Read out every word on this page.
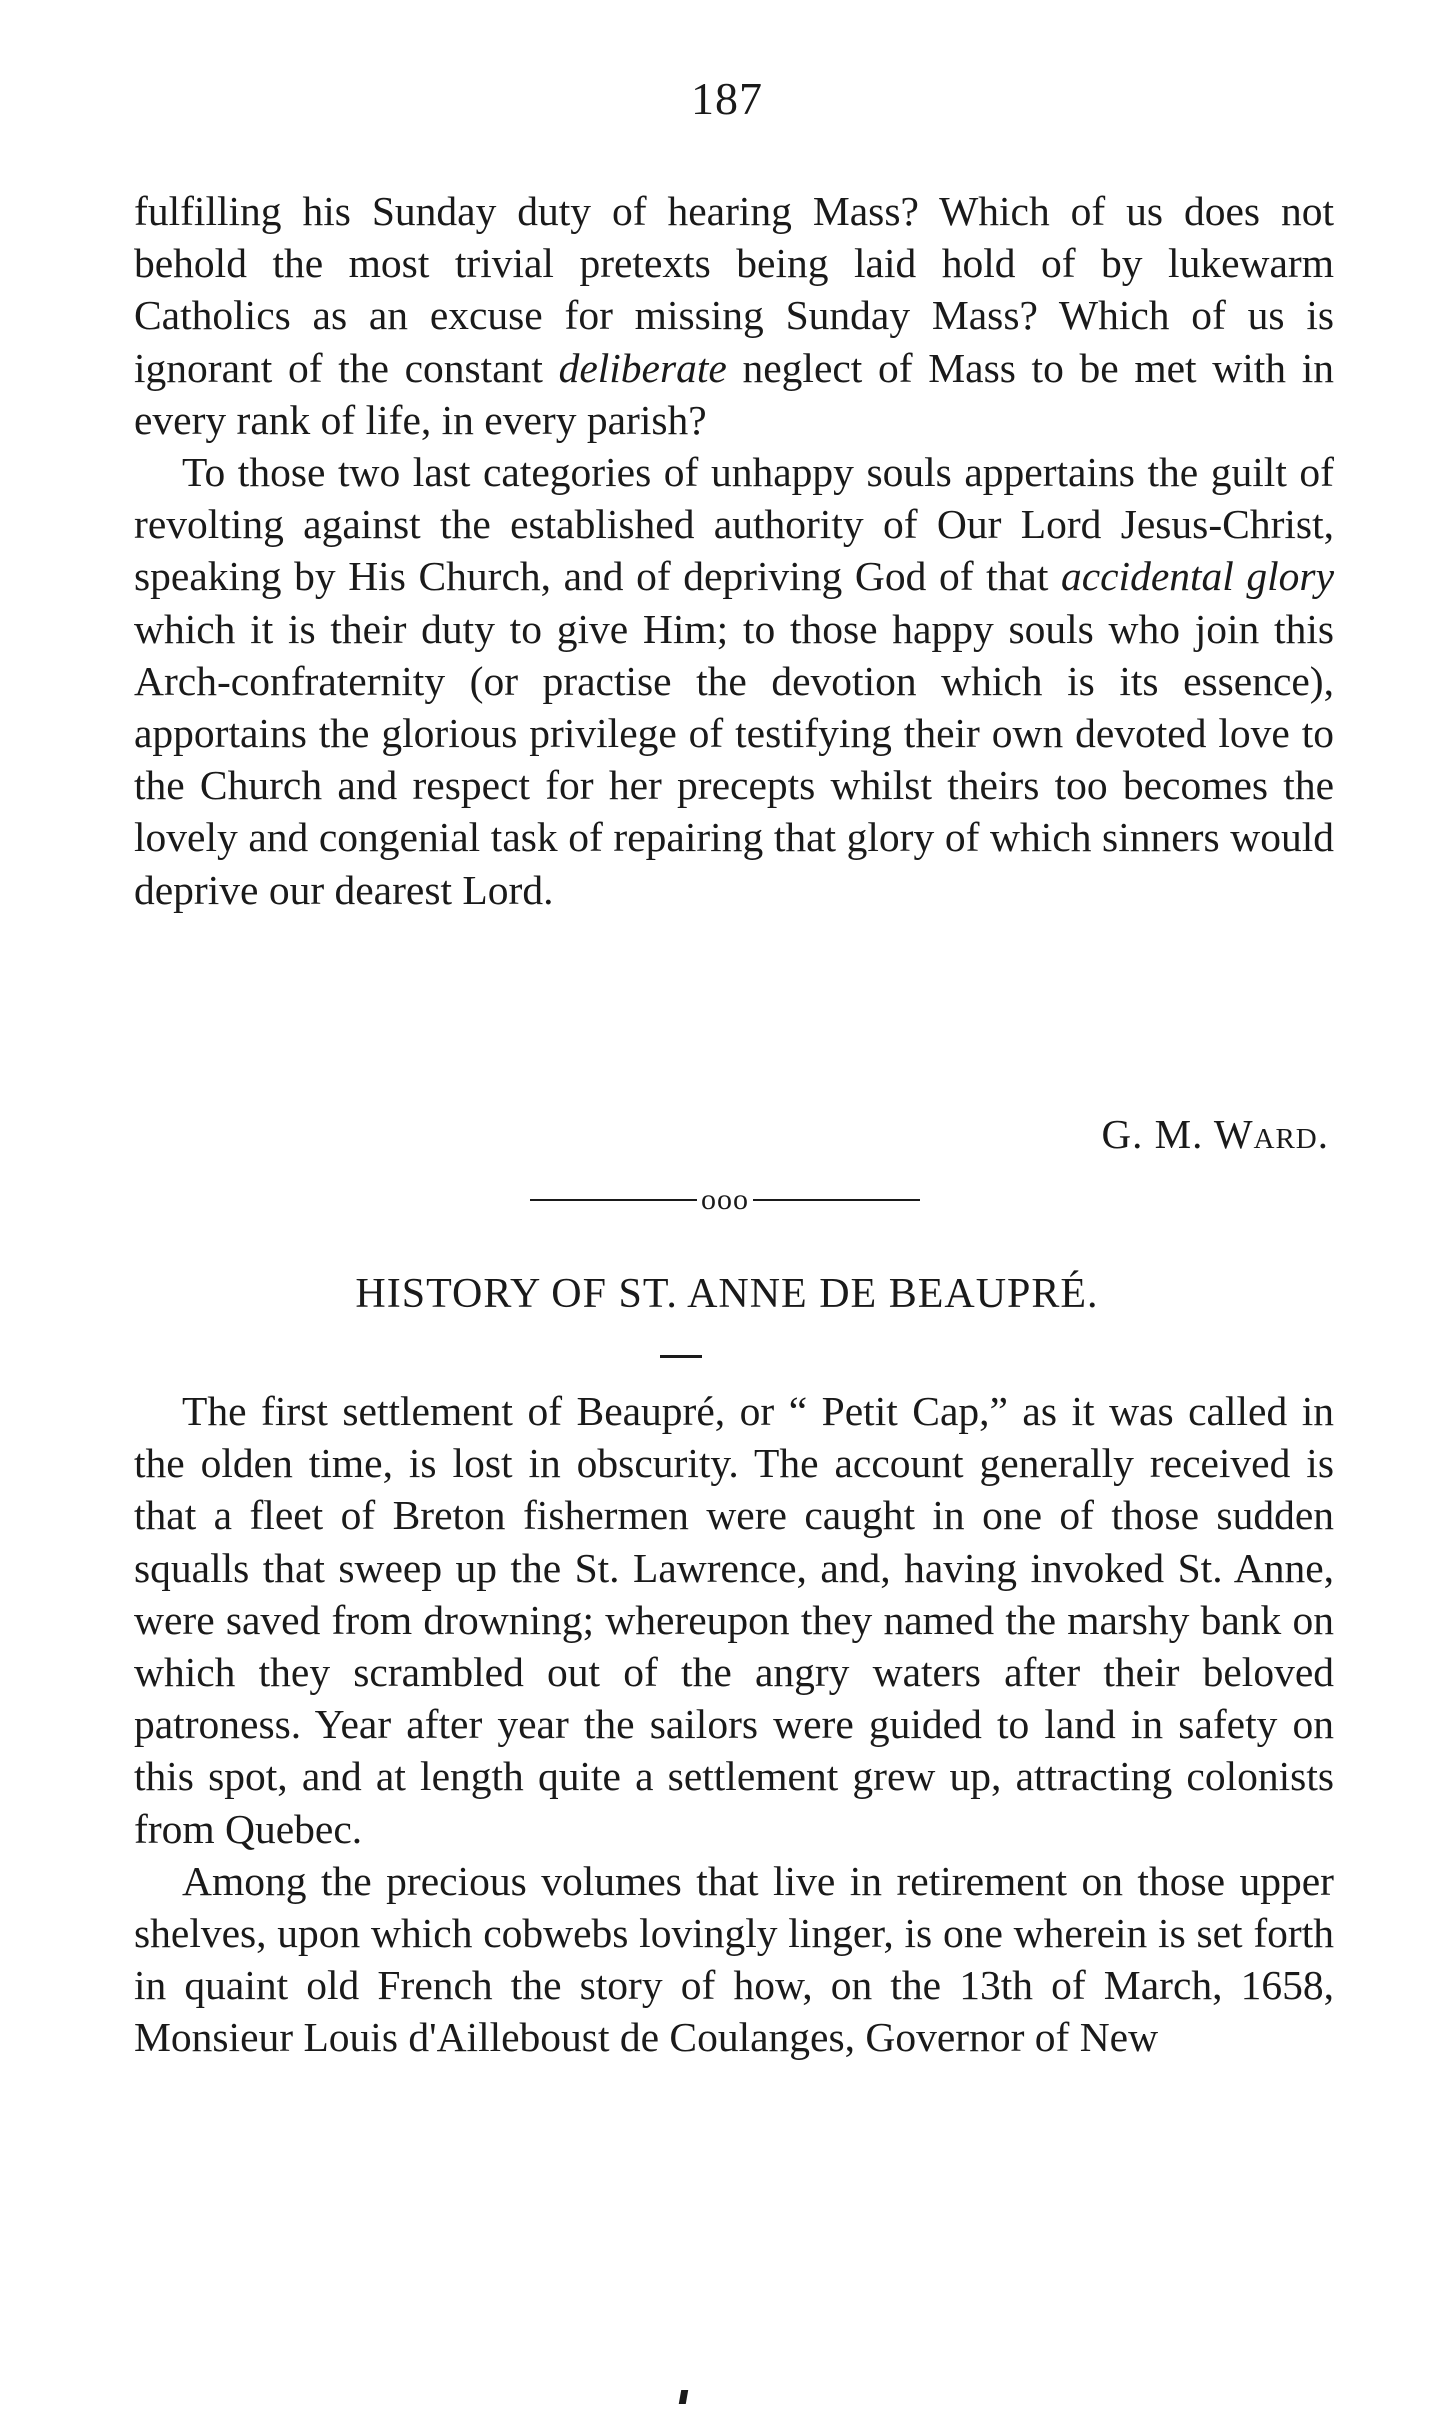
187

fulfilling his Sunday duty of hearing Mass? Which of us does not behold the most trivial pretexts being laid hold of by lukewarm Catholics as an excuse for missing Sunday Mass? Which of us is ignorant of the constant deliberate neglect of Mass to be met with in every rank of life, in every parish?

To those two last categories of unhappy souls appertains the guilt of revolting against the established authority of Our Lord Jesus-Christ, speaking by His Church, and of depriving God of that accidental glory which it is their duty to give Him; to those happy souls who join this Arch-confraternity (or practise the devotion which is its essence), apportains the glorious privilege of testifying their own devoted love to the Church and respect for her precepts whilst theirs too becomes the lovely and congenial task of repairing that glory of which sinners would deprive our dearest Lord.

G. M. Ward.
ooo
HISTORY OF ST. ANNE DE BEAUPRÉ.

The first settlement of Beaupré, or “ Petit Cap,” as it was called in the olden time, is lost in obscurity. The account generally received is that a fleet of Breton fishermen were caught in one of those sudden squalls that sweep up the St. Lawrence, and, having invoked St. Anne, were saved from drowning; whereupon they named the marshy bank on which they scrambled out of the angry waters after their beloved patroness. Year after year the sailors were guided to land in safety on this spot, and at length quite a settlement grew up, attracting colonists from Quebec.

Among the precious volumes that live in retirement on those upper shelves, upon which cobwebs lovingly linger, is one wherein is set forth in quaint old French the story of how, on the 13th of March, 1658, Monsieur Louis d'Ailleboust de Coulanges, Governor of New
